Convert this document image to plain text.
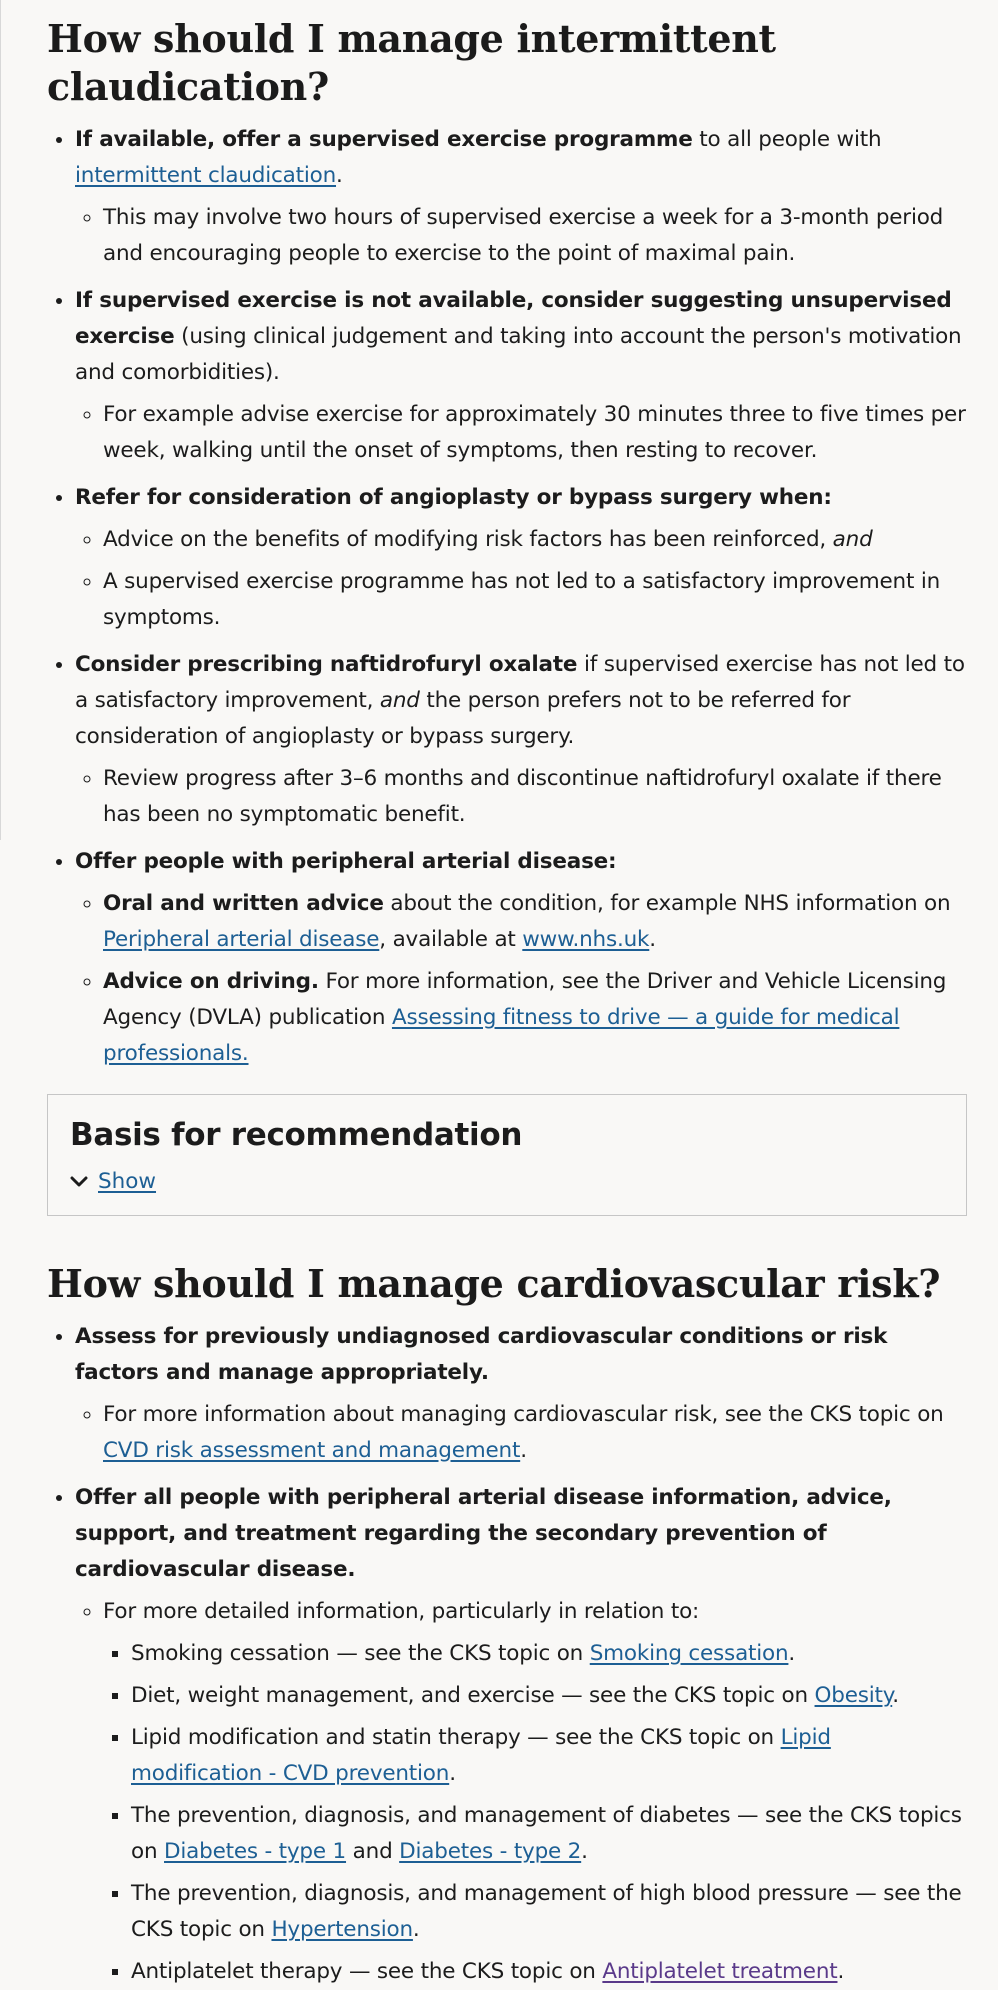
How should I manage intermittent claudication?
• If available, offer a supervised exercise programme to all people with intermittent claudication.
◦ This may involve two hours of supervised exercise a week for a 3-month period and encouraging people to exercise to the point of maximal pain.
• If supervised exercise is not available, consider suggesting unsupervised exercise (using clinical judgement and taking into account the person's motivation and comorbidities).
◦ For example advise exercise for approximately 30 minutes three to five times per week, walking until the onset of symptoms, then resting to recover.
• Refer for consideration of angioplasty or bypass surgery when:
◦ Advice on the benefits of modifying risk factors has been reinforced, and
◦ A supervised exercise programme has not led to a satisfactory improvement in symptoms.
• Consider prescribing naftidrofuryl oxalate if supervised exercise has not led to a satisfactory improvement, and the person prefers not to be referred for consideration of angioplasty or bypass surgery.
◦ Review progress after 3–6 months and discontinue naftidrofuryl oxalate if there has been no symptomatic benefit.
• Offer people with peripheral arterial disease:
◦ Oral and written advice about the condition, for example NHS information on Peripheral arterial disease, available at www.nhs.uk.
◦ Advice on driving. For more information, see the Driver and Vehicle Licensing Agency (DVLA) publication Assessing fitness to drive — a guide for medical professionals.
Basis for recommendation
Show
How should I manage cardiovascular risk?
• Assess for previously undiagnosed cardiovascular conditions or risk factors and manage appropriately.
◦ For more information about managing cardiovascular risk, see the CKS topic on CVD risk assessment and management.
• Offer all people with peripheral arterial disease information, advice, support, and treatment regarding the secondary prevention of cardiovascular disease.
◦ For more detailed information, particularly in relation to:
▪ Smoking cessation — see the CKS topic on Smoking cessation.
▪ Diet, weight management, and exercise — see the CKS topic on Obesity.
▪ Lipid modification and statin therapy — see the CKS topic on Lipid modification - CVD prevention.
▪ The prevention, diagnosis, and management of diabetes — see the CKS topics on Diabetes - type 1 and Diabetes - type 2.
▪ The prevention, diagnosis, and management of high blood pressure — see the CKS topic on Hypertension.
▪ Antiplatelet therapy — see the CKS topic on Antiplatelet treatment.
